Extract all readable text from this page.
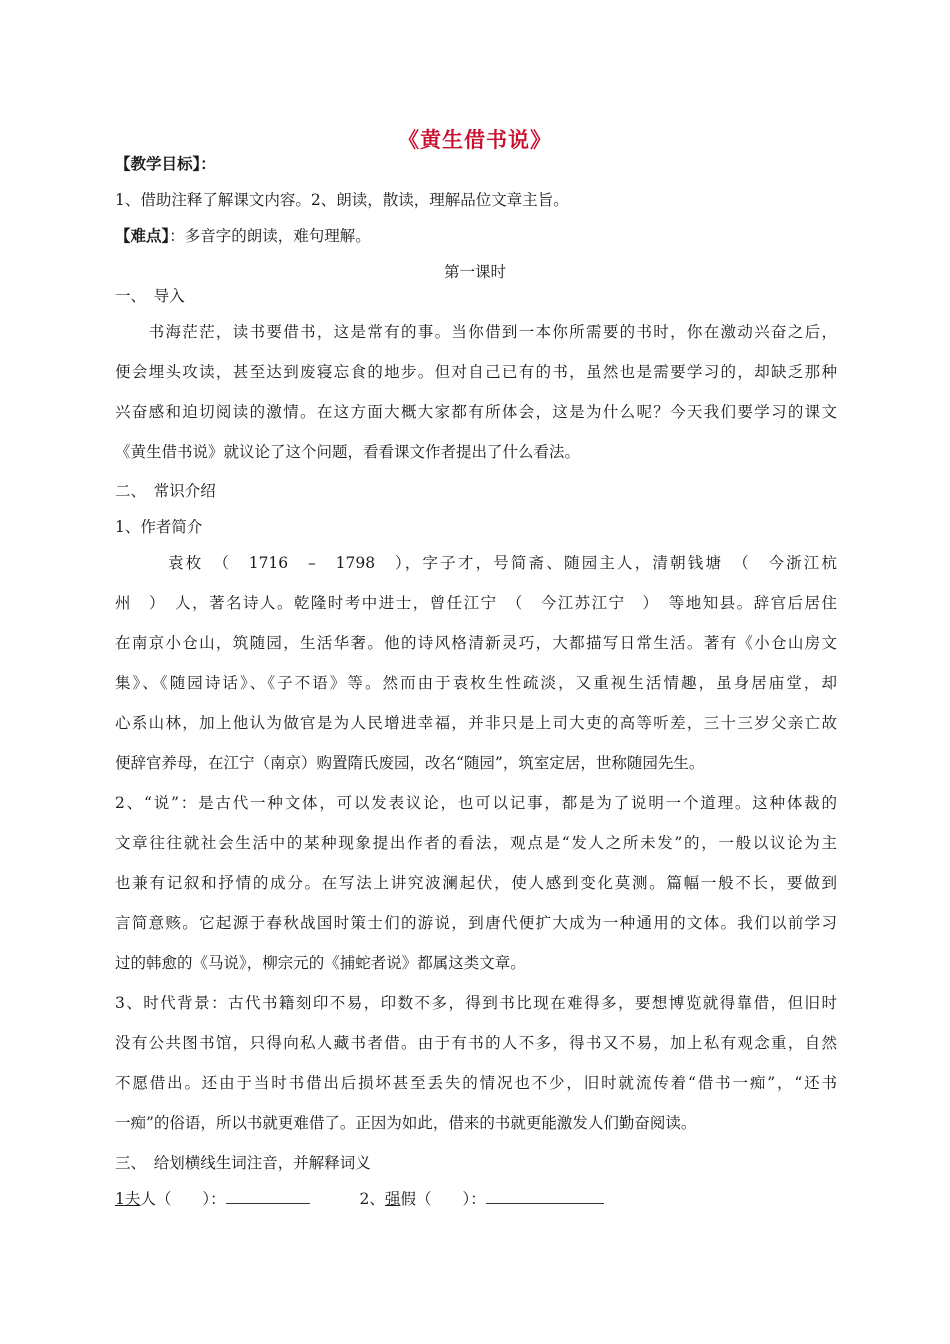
《黄生借书说》
【教学目标】：
1、借助注释了解课文内容。2、朗读，散读，理解品位文章主旨。
【难点】：多音字的朗读，难句理解。
第一课时
一、　导入
　　书海茫茫，读书要借书，这是常有的事。当你借到一本你所需要的书时，你在激动兴奋之后，
便会埋头攻读，甚至达到废寝忘食的地步。但对自己已有的书，虽然也是需要学习的，却缺乏那种
兴奋感和迫切阅读的激情。在这方面大概大家都有所体会，这是为什么呢？今天我们要学习的课文
《黄生借书说》就议论了这个问题，看看课文作者提出了什么看法。
二、　常识介绍
1、作者简介
　　　袁枚　（　1716　–　1798　），字子才，号简斋、随园主人，清朝钱塘　（　今浙江杭
州　）　人，著名诗人。乾隆时考中进士，曾任江宁　（　今江苏江宁　）　等地知县。辞官后居住
在南京小仓山，筑随园，生活华奢。他的诗风格清新灵巧，大都描写日常生活。著有《小仓山房文
集》、《随园诗话》、《子不语》等。然而由于袁枚生性疏淡，又重视生活情趣，虽身居庙堂，却
心系山林，加上他认为做官是为人民增进幸福，并非只是上司大吏的高等听差，三十三岁父亲亡故
便辞官养母，在江宁（南京）购置隋氏废园，改名“随园”，筑室定居，世称随园先生。
2、“说”：是古代一种文体，可以发表议论，也可以记事，都是为了说明一个道理。这种体裁的
文章往往就社会生活中的某种现象提出作者的看法，观点是“发人之所未发”的，一般以议论为主
也兼有记叙和抒情的成分。在写法上讲究波澜起伏，使人感到变化莫测。篇幅一般不长，要做到
言简意赅。它起源于春秋战国时策士们的游说，到唐代便扩大成为一种通用的文体。我们以前学习
过的韩愈的《马说》，柳宗元的《捕蛇者说》都属这类文章。
3、时代背景：古代书籍刻印不易，印数不多，得到书比现在难得多，要想博览就得靠借，但旧时
没有公共图书馆，只得向私人藏书者借。由于有书的人不多，得书又不易，加上私有观念重，自然
不愿借出。还由于当时书借出后损坏甚至丢失的情况也不少，旧时就流传着“借书一痴”，“还书
一痴”的俗语，所以书就更难借了。正因为如此，借来的书就更能激发人们勤奋阅读。
三、　给划横线生词注音，并解释词义
1夫人（　　）：	2、强假（　　）：
